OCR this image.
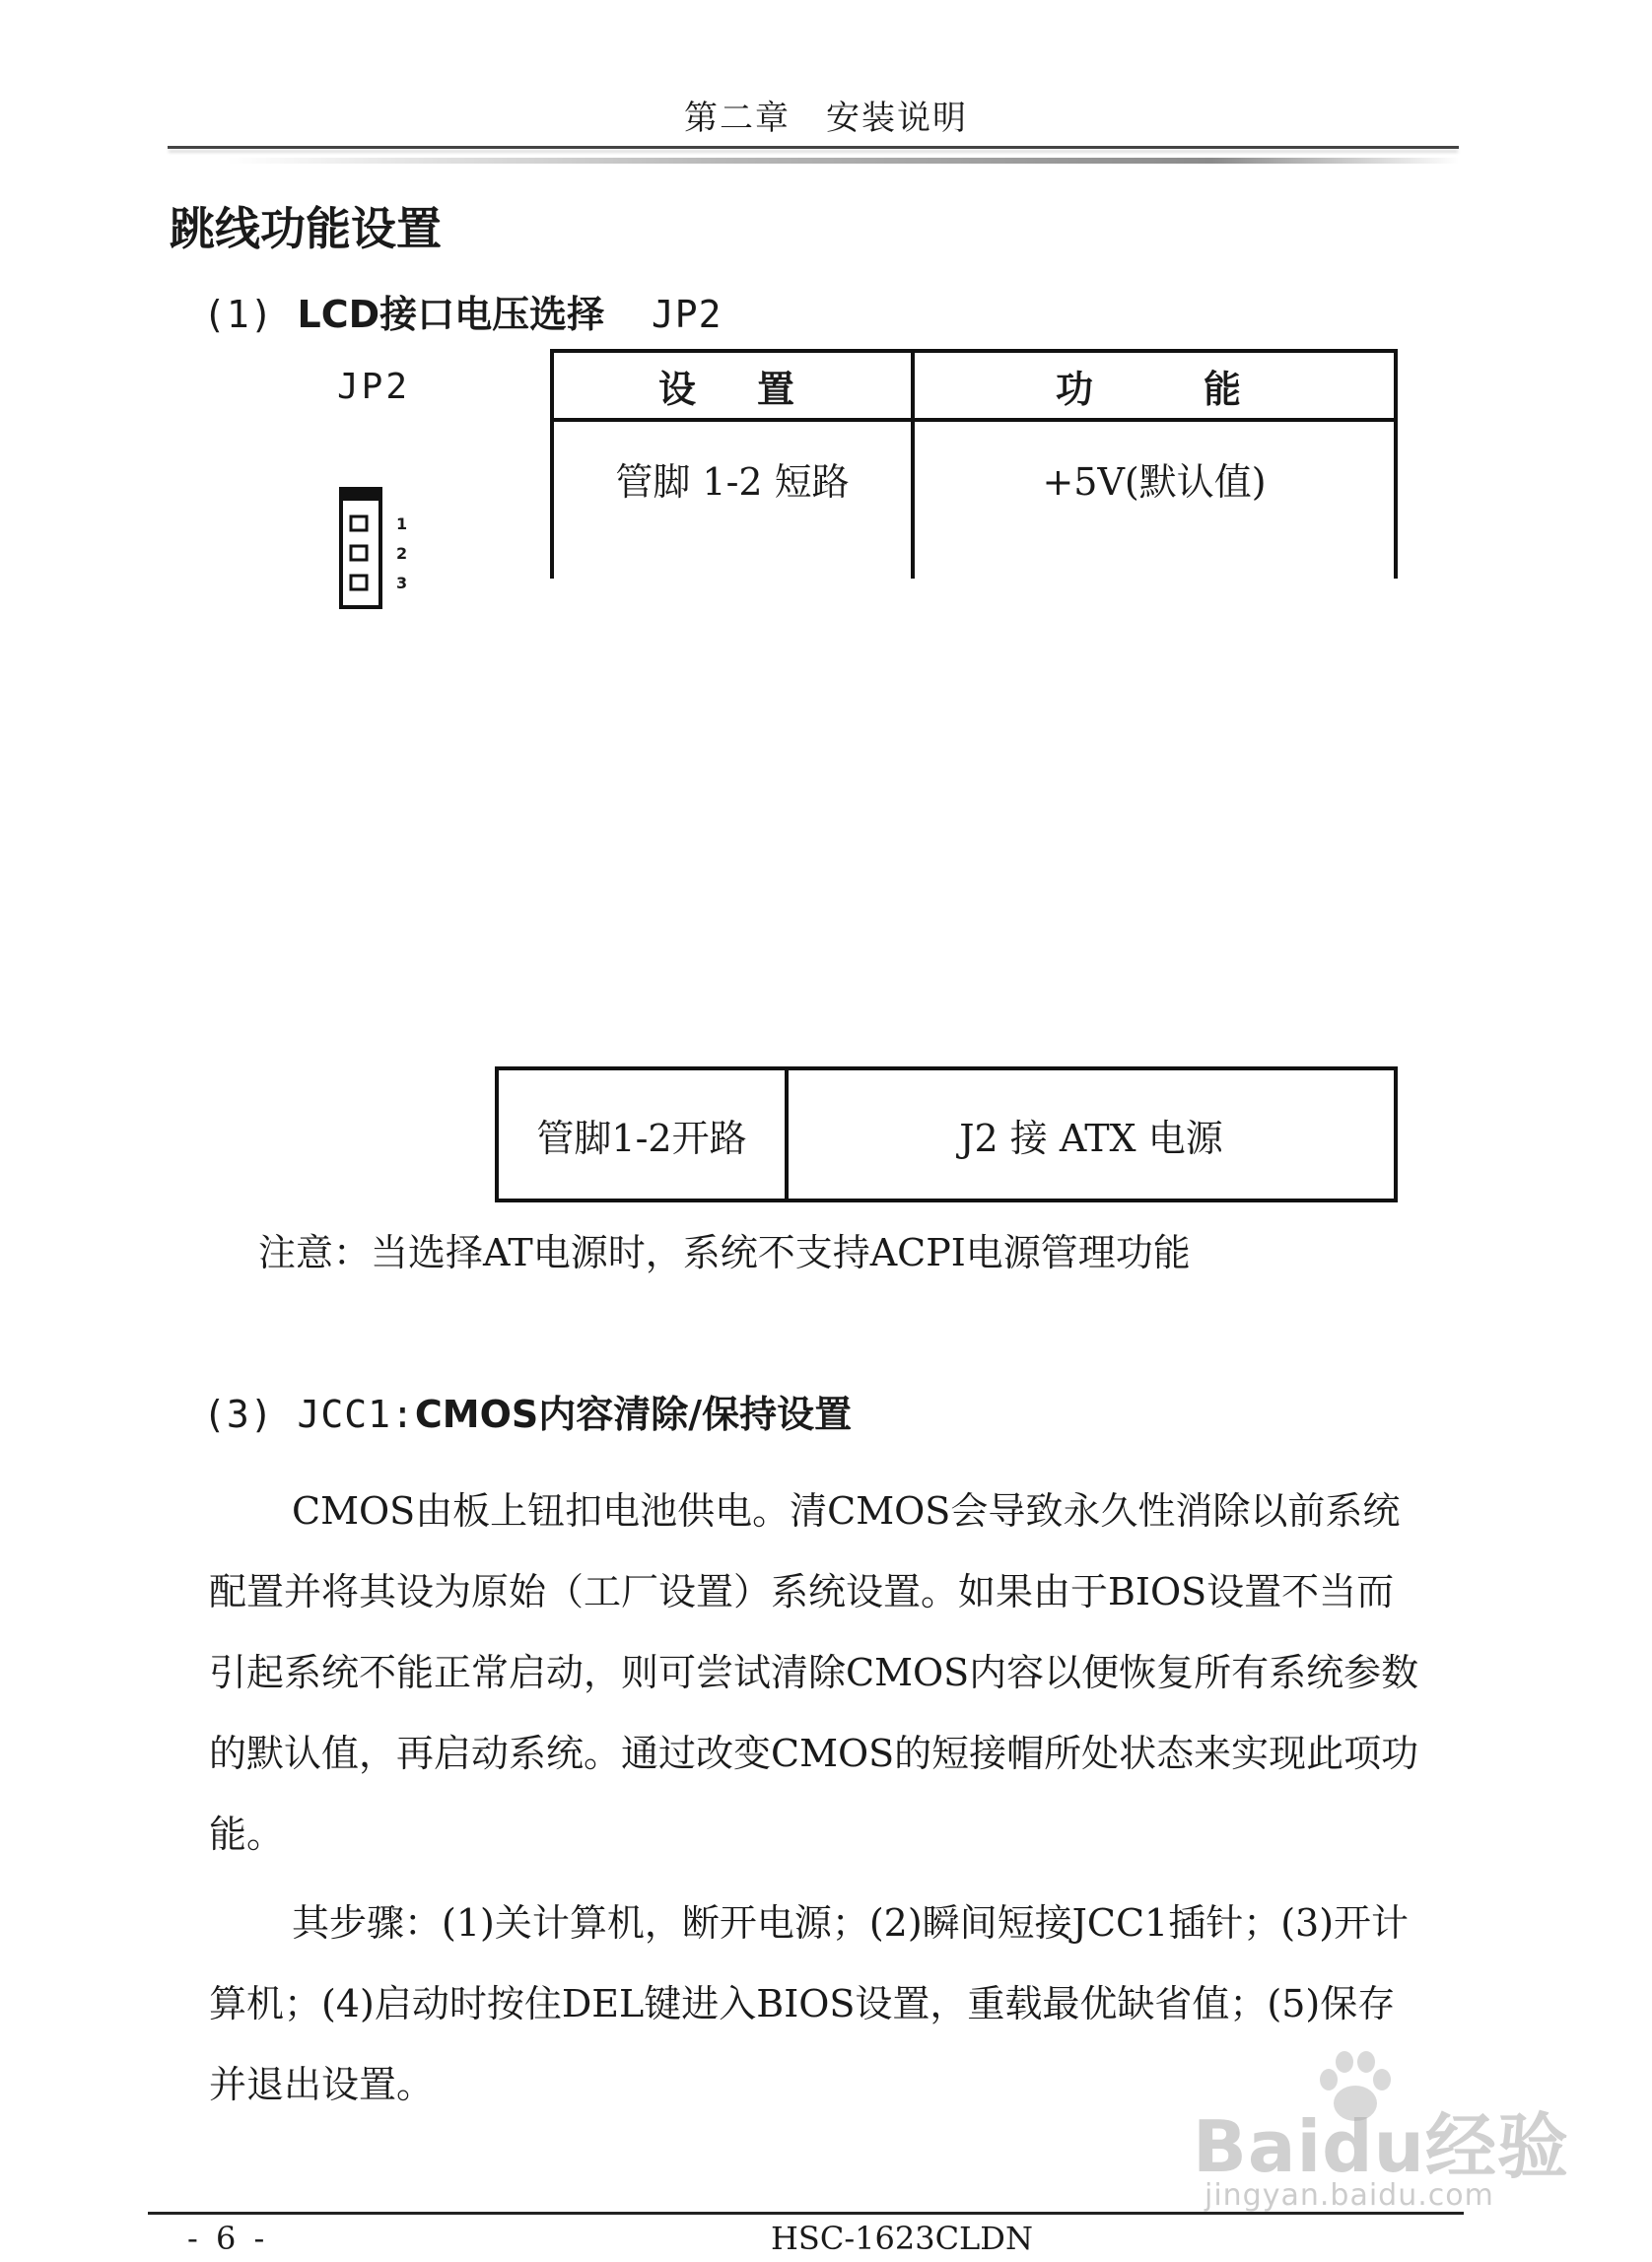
第二章　安装说明
跳线功能设置
(1) LCD接口电压选择  JP2
JP2
1
2
3
设　置	功　　能
管脚 1-2 短路	+5V(默认值)
管脚1-2开路	J2 接 ATX 电源
注意：当选择AT电源时，系统不支持ACPI电源管理功能
(3) JCC1:CMOS内容清除/保持设置

CMOS由板上钮扣电池供电。清CMOS会导致永久性消除以前系统配置并将其设为原始（工厂设置）系统设置。如果由于BIOS设置不当而引起系统不能正常启动，则可尝试清除CMOS内容以便恢复所有系统参数的默认值，再启动系统。通过改变CMOS的短接帽所处状态来实现此项功能。

其步骤：(1)关计算机，断开电源；(2)瞬间短接JCC1插针；(3)开计算机；(4)启动时按住DEL键进入BIOS设置，重载最优缺省值；(5)保存并退出设置。

Baidu经验
jingyan.baidu.com
- 6 -	HSC-1623CLDN
